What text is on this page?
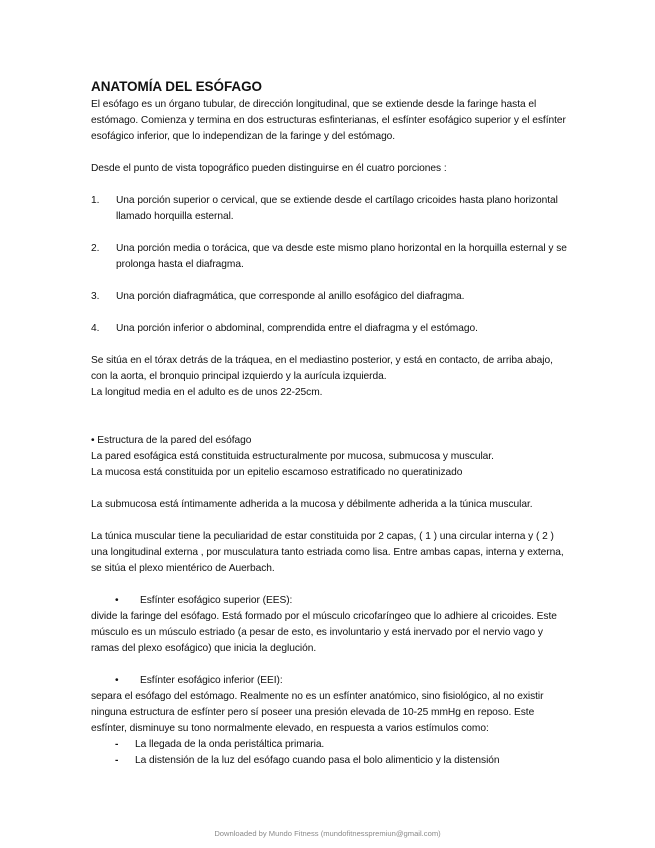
ANATOMÍA DEL ESÓFAGO

El esófago es un órgano tubular, de dirección longitudinal, que se extiende desde la faringe hasta el estómago. Comienza y termina en dos estructuras esfinterianas, el esfínter esofágico superior y el esfínter esofágico inferior, que lo independizan de la faringe y del estómago.

Desde el punto de vista topográfico pueden distinguirse en él cuatro porciones :

1.	Una porción superior o cervical, que se extiende desde el cartílago cricoides hasta plano horizontal llamado horquilla esternal.
2.	Una porción media o torácica, que va desde este mismo plano horizontal en la horquilla esternal y se prolonga hasta el diafragma.
3.	Una porción diafragmática, que corresponde al anillo esofágico del diafragma.
4.	Una porción inferior o abdominal, comprendida entre el diafragma y el estómago.

Se sitúa en el tórax detrás de la tráquea, en el mediastino posterior, y está en contacto, de arriba abajo, con la aorta, el bronquio principal izquierdo y la aurícula izquierda.

La longitud media en el adulto es de unos 22-25cm.

• Estructura de la pared del esófago

La pared esofágica está constituida estructuralmente por mucosa, submucosa y muscular.

La mucosa está constituida por un epitelio escamoso estratificado no queratinizado

La submucosa está íntimamente adherida a la mucosa y débilmente adherida a la túnica muscular.

La túnica muscular tiene la peculiaridad de estar constituida por 2 capas, ( 1 ) una circular interna y ( 2 ) una longitudinal externa , por musculatura tanto estriada como lisa. Entre ambas capas, interna y externa, se sitúa el plexo mientérico de Auerbach.

•	Esfínter esofágico superior (EES):

divide la faringe del esófago. Está formado por el músculo cricofaríngeo que lo adhiere al cricoides. Este músculo es un músculo estriado (a pesar de esto, es involuntario y está inervado por el nervio vago y ramas del plexo esofágico) que inicia la deglución.

•	Esfínter esofágico inferior (EEI):

separa el esófago del estómago. Realmente no es un esfínter anatómico, sino fisiológico, al no existir ninguna estructura de esfínter pero sí poseer una presión elevada de 10-25 mmHg en reposo. Este esfínter, disminuye su tono normalmente elevado, en respuesta a varios estímulos como:

-	La llegada de la onda peristáltica primaria.
-	La distensión de la luz del esófago cuando pasa el bolo alimenticio y la distensión
Downloaded by Mundo Fitness (mundofitnesspremiun@gmail.com)
